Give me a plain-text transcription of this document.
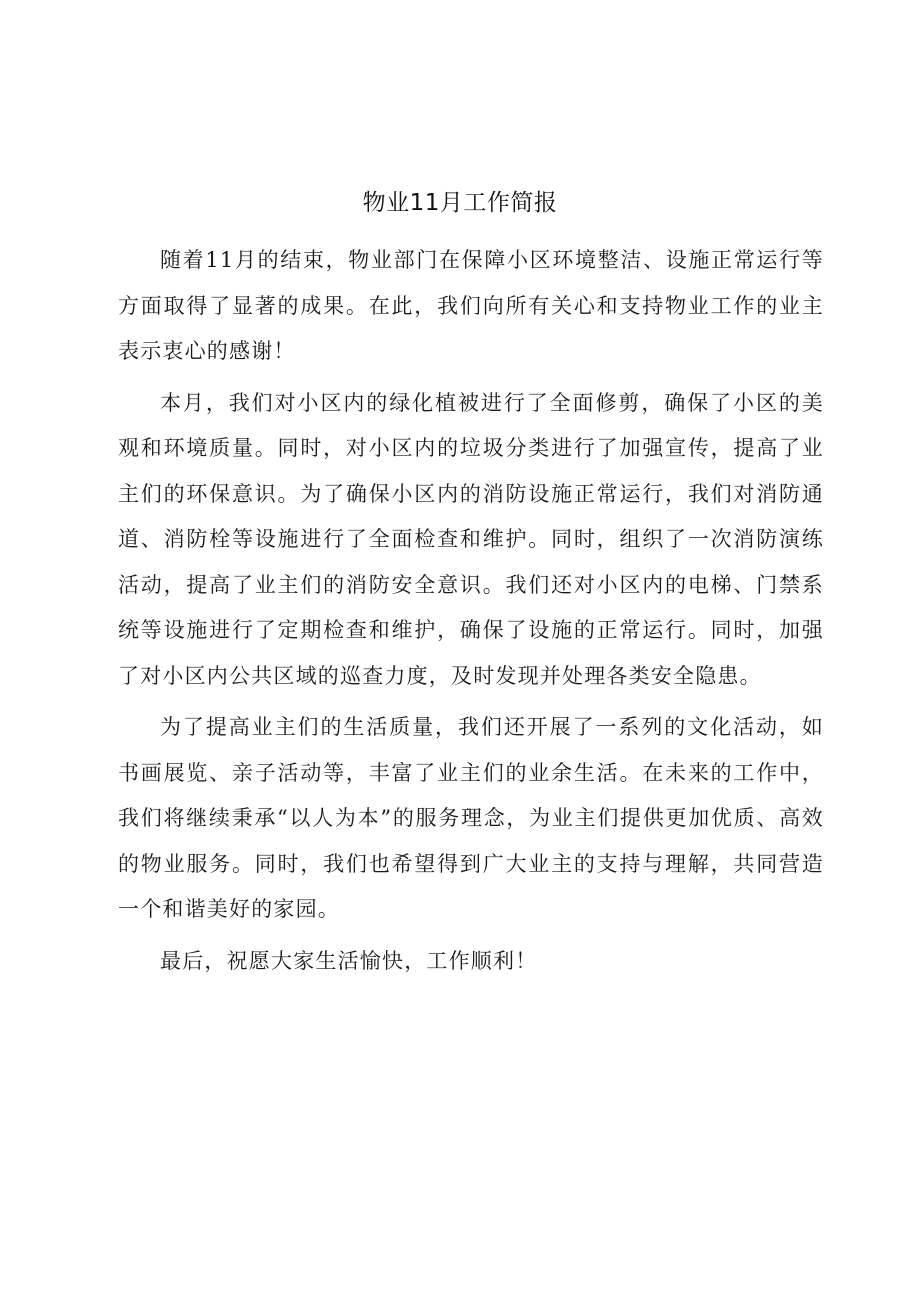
物业11月工作简报

随着11月的结束，物业部门在保障小区环境整洁、设施正常运行等方面取得了显著的成果。在此，我们向所有关心和支持物业工作的业主表示衷心的感谢！

本月，我们对小区内的绿化植被进行了全面修剪，确保了小区的美观和环境质量。同时，对小区内的垃圾分类进行了加强宣传，提高了业主们的环保意识。为了确保小区内的消防设施正常运行，我们对消防通道、消防栓等设施进行了全面检查和维护。同时，组织了一次消防演练活动，提高了业主们的消防安全意识。我们还对小区内的电梯、门禁系统等设施进行了定期检查和维护，确保了设施的正常运行。同时，加强了对小区内公共区域的巡查力度，及时发现并处理各类安全隐患。

为了提高业主们的生活质量，我们还开展了一系列的文化活动，如书画展览、亲子活动等，丰富了业主们的业余生活。在未来的工作中，我们将继续秉承“以人为本”的服务理念，为业主们提供更加优质、高效的物业服务。同时，我们也希望得到广大业主的支持与理解，共同营造一个和谐美好的家园。

最后，祝愿大家生活愉快，工作顺利！
